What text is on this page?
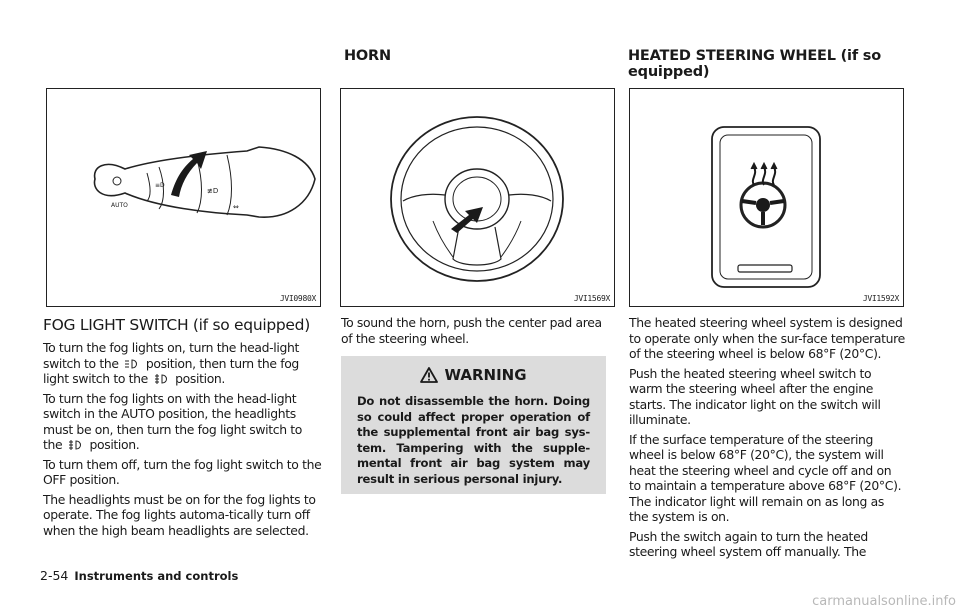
HORN	HEATED STEERING WHEEL (if so equipped)
AUTO
≡D
≢D
⇔
JVI0980X	JVI1569X	JVI1592X
FOG LIGHT SWITCH (if so equipped)

To turn the fog lights on, turn the head-light switch to the position, then turn the fog light switch to the position.

To turn the fog lights on with the head-light switch in the AUTO position, the headlights must be on, then turn the fog light switch to the position.

To turn them off, turn the fog light switch to the OFF position.

The headlights must be on for the fog lights to operate. The fog lights automa-tically turn off when the high beam headlights are selected.

To sound the horn, push the center pad area of the steering wheel.

WARNING
Do not disassemble the horn. Doing so could affect proper operation of the supplemental front air bag sys-tem. Tampering with the supple-mental front air bag system may result in serious personal injury.

The heated steering wheel system is designed to operate only when the sur-face temperature of the steering wheel is below 68°F (20°C).

Push the heated steering wheel switch to warm the steering wheel after the engine starts. The indicator light on the switch will illuminate.

If the surface temperature of the steering wheel is below 68°F (20°C), the system will heat the steering wheel and cycle off and on to maintain a temperature above 68°F (20°C). The indicator light will remain on as long as the system is on.

Push the switch again to turn the heated steering wheel system off manually. The

2-54 Instruments and controls
carmanualsonline.info
